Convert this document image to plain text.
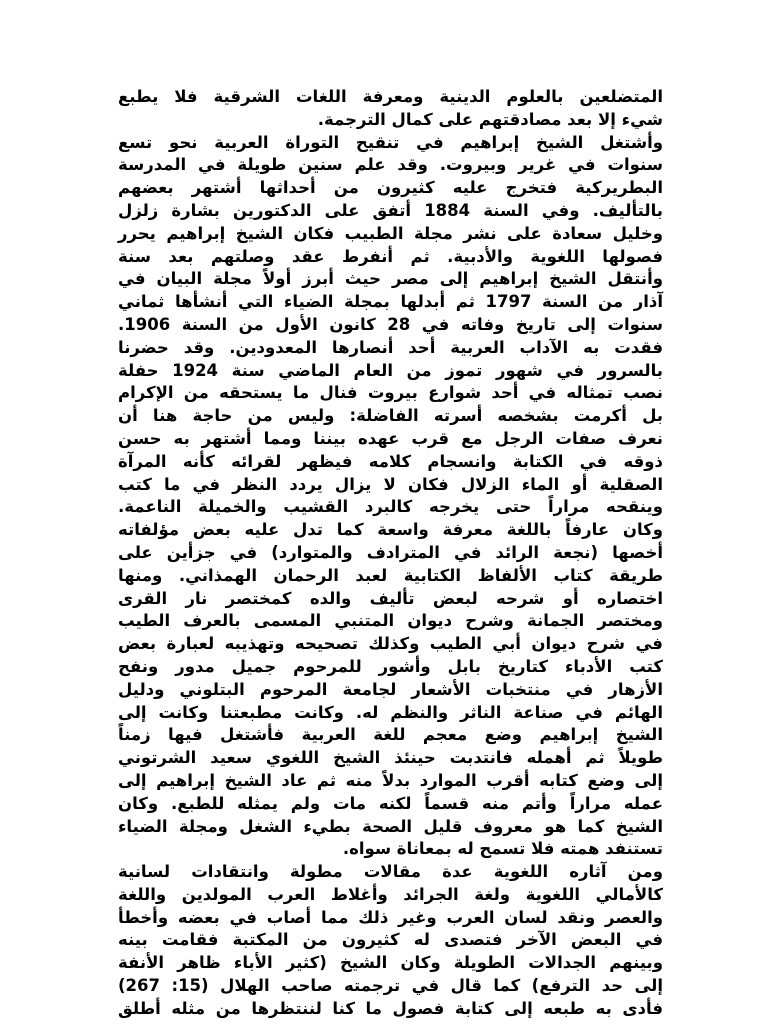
المتضلعين بالعلوم الدينية ومعرفة اللغات الشرقية فلا يطبع
شيء إلا بعد مصادقتهم على كمال الترجمة.
وأشتغل الشيخ إبراهيم في تنقيح التوراة العربية نحو تسع
سنوات في غرير وبيروت. وقد علم سنين طويلة في المدرسة
البطريركية فتخرج عليه كثيرون من أحداثها أشتهر بعضهم
بالتأليف. وفي السنة 1884 أتفق على الدكتورين بشارة زلزل
وخليل سعادة على نشر مجلة الطبيب فكان الشيخ إبراهيم يحرر
فصولها اللغوية والأدبية. ثم أنفرط عقد وصلتهم بعد سنة
وأنتقل الشيخ إبراهيم إلى مصر حيث أبرز أولاً مجلة البيان في
آذار من السنة 1797 ثم أبدلها بمجلة الضياء التي أنشأها ثماني
سنوات إلى تاريخ وفاته في 28 كانون الأول من السنة 1906.
فقدت به الآداب العربية أحد أنصارها المعدودين. وقد حضرنا
بالسرور في شهور تموز من العام الماضي سنة 1924 حفلة
نصب تمثاله في أحد شوارع بيروت فنال ما يستحقه من الإكرام
بل أكرمت بشخصه أسرته الفاضلة: وليس من حاجة هنا أن
نعرف صفات الرجل مع قرب عهده بيننا ومما أشتهر به حسن
ذوقه في الكتابة وانسجام كلامه فيظهر لقرائه كأنه المرآة
الصقلية أو الماء الزلال فكان لا يزال يردد النظر في ما كتب
وينقحه مراراً حتى يخرجه كالبرد القشيب والخميلة الناعمة.
وكان عارفاً باللغة معرفة واسعة كما تدل عليه بعض مؤلفاته
أخصها (نجعة الرائد في المترادف والمتوارد) في جزأين على
طريقة كتاب الألفاظ الكتابية لعبد الرحمان الهمذاني. ومنها
اختصاره أو شرحه لبعض تأليف والده كمختصر نار القرى
ومختصر الجمانة وشرح ديوان المتنبي المسمى بالعرف الطيب
في شرح ديوان أبي الطيب وكذلك تصحيحه وتهذيبه لعبارة بعض
كتب الأدباء كتاريخ بابل وأشور للمرحوم جميل مدور ونفح
الأزهار في منتخبات الأشعار لجامعة المرحوم البتلوني ودليل
الهائم في صناعة الناثر والنظم له. وكانت مطبعتنا وكانت إلى
الشيخ إبراهيم وضع معجم للغة العربية فأشتغل فيها زمناً
طويلاً ثم أهمله فانتدبت حينئذ الشيخ اللغوي سعيد الشرتوني
إلى وضع كتابه أقرب الموارد بدلاً منه ثم عاد الشيخ إبراهيم إلى
عمله مراراً وأتم منه قسماً لكنه مات ولم يمثله للطبع. وكان
الشيخ كما هو معروف قليل الصحة بطيء الشغل ومجلة الضياء
تستنفد همته فلا تسمح له بمعاناة سواه.
ومن آثاره اللغوية عدة مقالات مطولة وانتقادات لسانية
كالأمالي اللغوية ولغة الجرائد وأغلاط العرب المولدين واللغة
والعصر ونقد لسان العرب وغير ذلك مما أصاب في بعضه وأخطأ
في البعض الآخر فتصدى له كثيرون من المكتبة فقامت بينه
وبينهم الجدالات الطويلة وكان الشيخ (كثير الأباء ظاهر الأنفة
إلى حد الترفع) كما قال في ترجمته صاحب الهلال (15: 267)
فأدى به طبعه إلى كتابة فصول ما كنا لننتظرها من مثله أطلق
